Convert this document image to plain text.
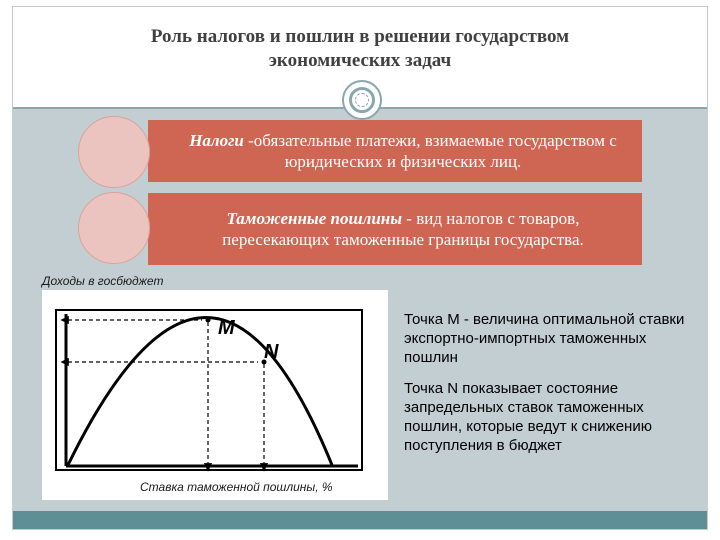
Роль налогов и пошлин в решении государством
экономических задач
Налоги -обязательные платежи, взимаемые государством с юридических и физических лиц.
Таможенные пошлины - вид налогов с товаров, пересекающих таможенные границы государства.
Доходы в госбюджет
M
N
Ставка таможенной пошлины, %

Точка М - величина оптимальной ставки экспортно-импортных таможенных пошлин

Точка N показывает состояние запредельных ставок таможенных пошлин, которые ведут к снижению поступления в бюджет
